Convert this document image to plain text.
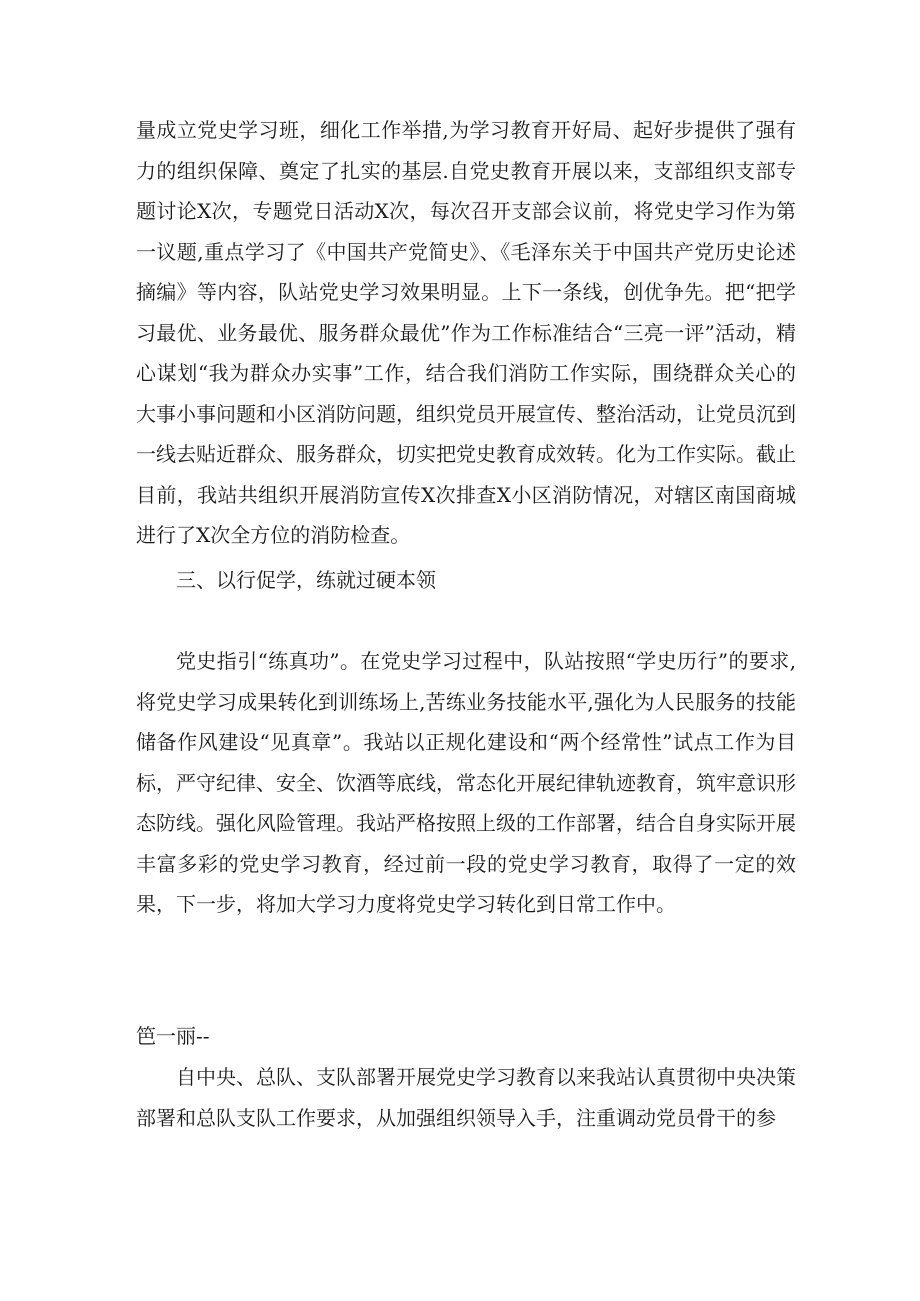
量成立党史学习班，细化工作举措,为学习教育开好局、起好步提供了强有力的组织保障、奠定了扎实的基层.自党史教育开展以来，支部组织支部专题讨论X次，专题党日活动X次，每次召开支部会议前，将党史学习作为第一议题,重点学习了《中国共产党简史》、《毛泽东关于中国共产党历史论述摘编》等内容，队站党史学习效果明显。上下一条线，创优争先。把“把学习最优、业务最优、服务群众最优”作为工作标准结合“三亮一评”活动，精心谋划“我为群众办实事”工作，结合我们消防工作实际，围绕群众关心的大事小事问题和小区消防问题，组织党员开展宣传、整治活动，让党员沉到一线去贴近群众、服务群众，切实把党史教育成效转。化为工作实际。截止目前，我站共组织开展消防宣传X次排查X小区消防情况，对辖区南国商城进行了X次全方位的消防检查。

三、以行促学，练就过硬本领

党史指引“练真功”。在党史学习过程中，队站按照“学史历行”的要求,将党史学习成果转化到训练场上,苦练业务技能水平,强化为人民服务的技能储备作风建设“见真章”。我站以正规化建设和“两个经常性”试点工作为目标，严守纪律、安全、饮酒等底线，常态化开展纪律轨迹教育，筑牢意识形态防线。强化风险管理。我站严格按照上级的工作部署，结合自身实际开展丰富多彩的党史学习教育，经过前一段的党史学习教育，取得了一定的效果，下一步，将加大学习力度将党史学习转化到日常工作中。

笆一丽--

自中央、总队、支队部署开展党史学习教育以来我站认真贯彻中央决策部署和总队支队工作要求，从加强组织领导入手，注重调动党员骨干的参
